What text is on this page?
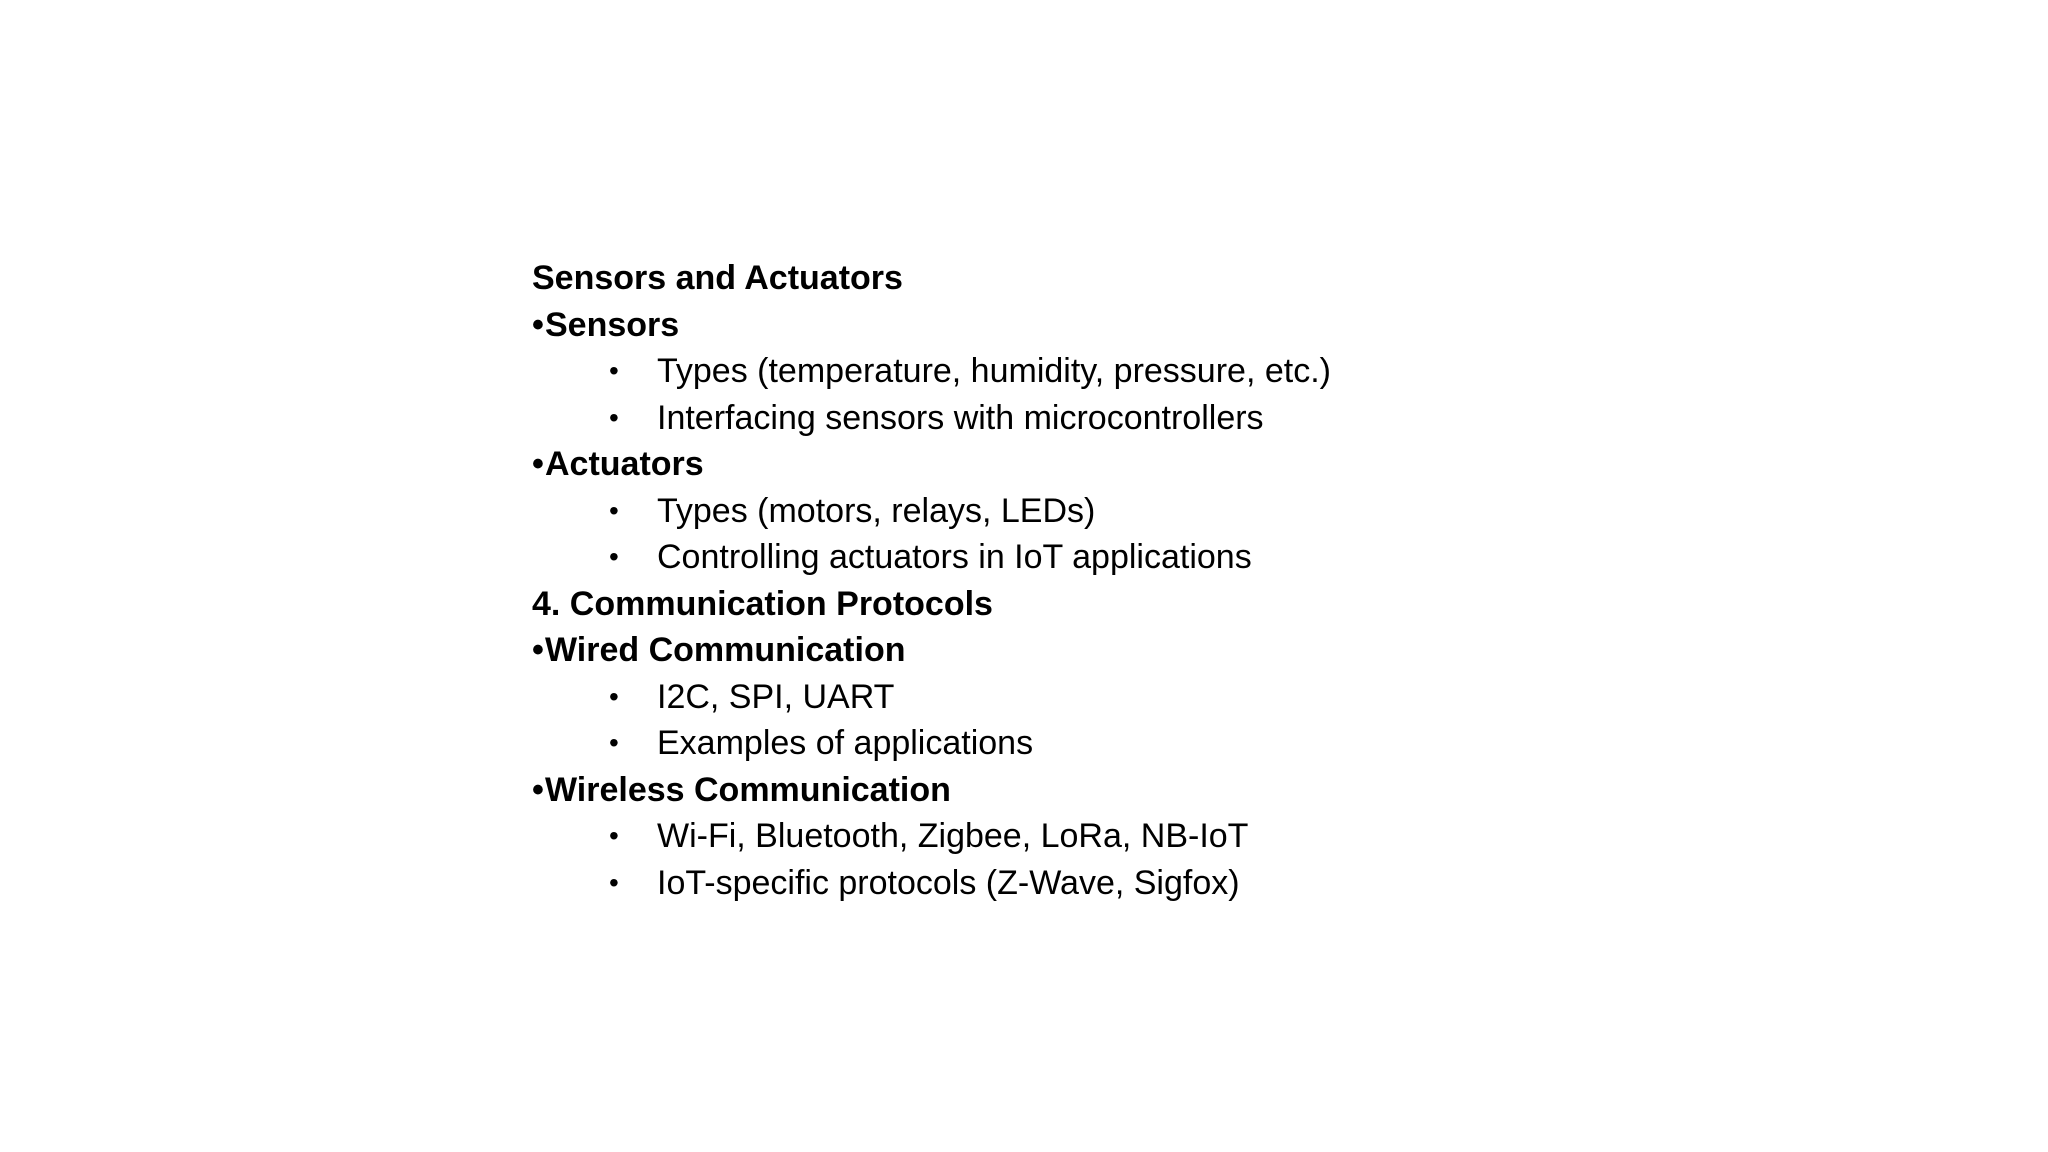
Sensors and Actuators
•Sensors
• Types (temperature, humidity, pressure, etc.)
• Interfacing sensors with microcontrollers
•Actuators
• Types (motors, relays, LEDs)
• Controlling actuators in IoT applications
4. Communication Protocols
•Wired Communication
• I2C, SPI, UART
• Examples of applications
•Wireless Communication
• Wi-Fi, Bluetooth, Zigbee, LoRa, NB-IoT
• IoT-specific protocols (Z-Wave, Sigfox)
